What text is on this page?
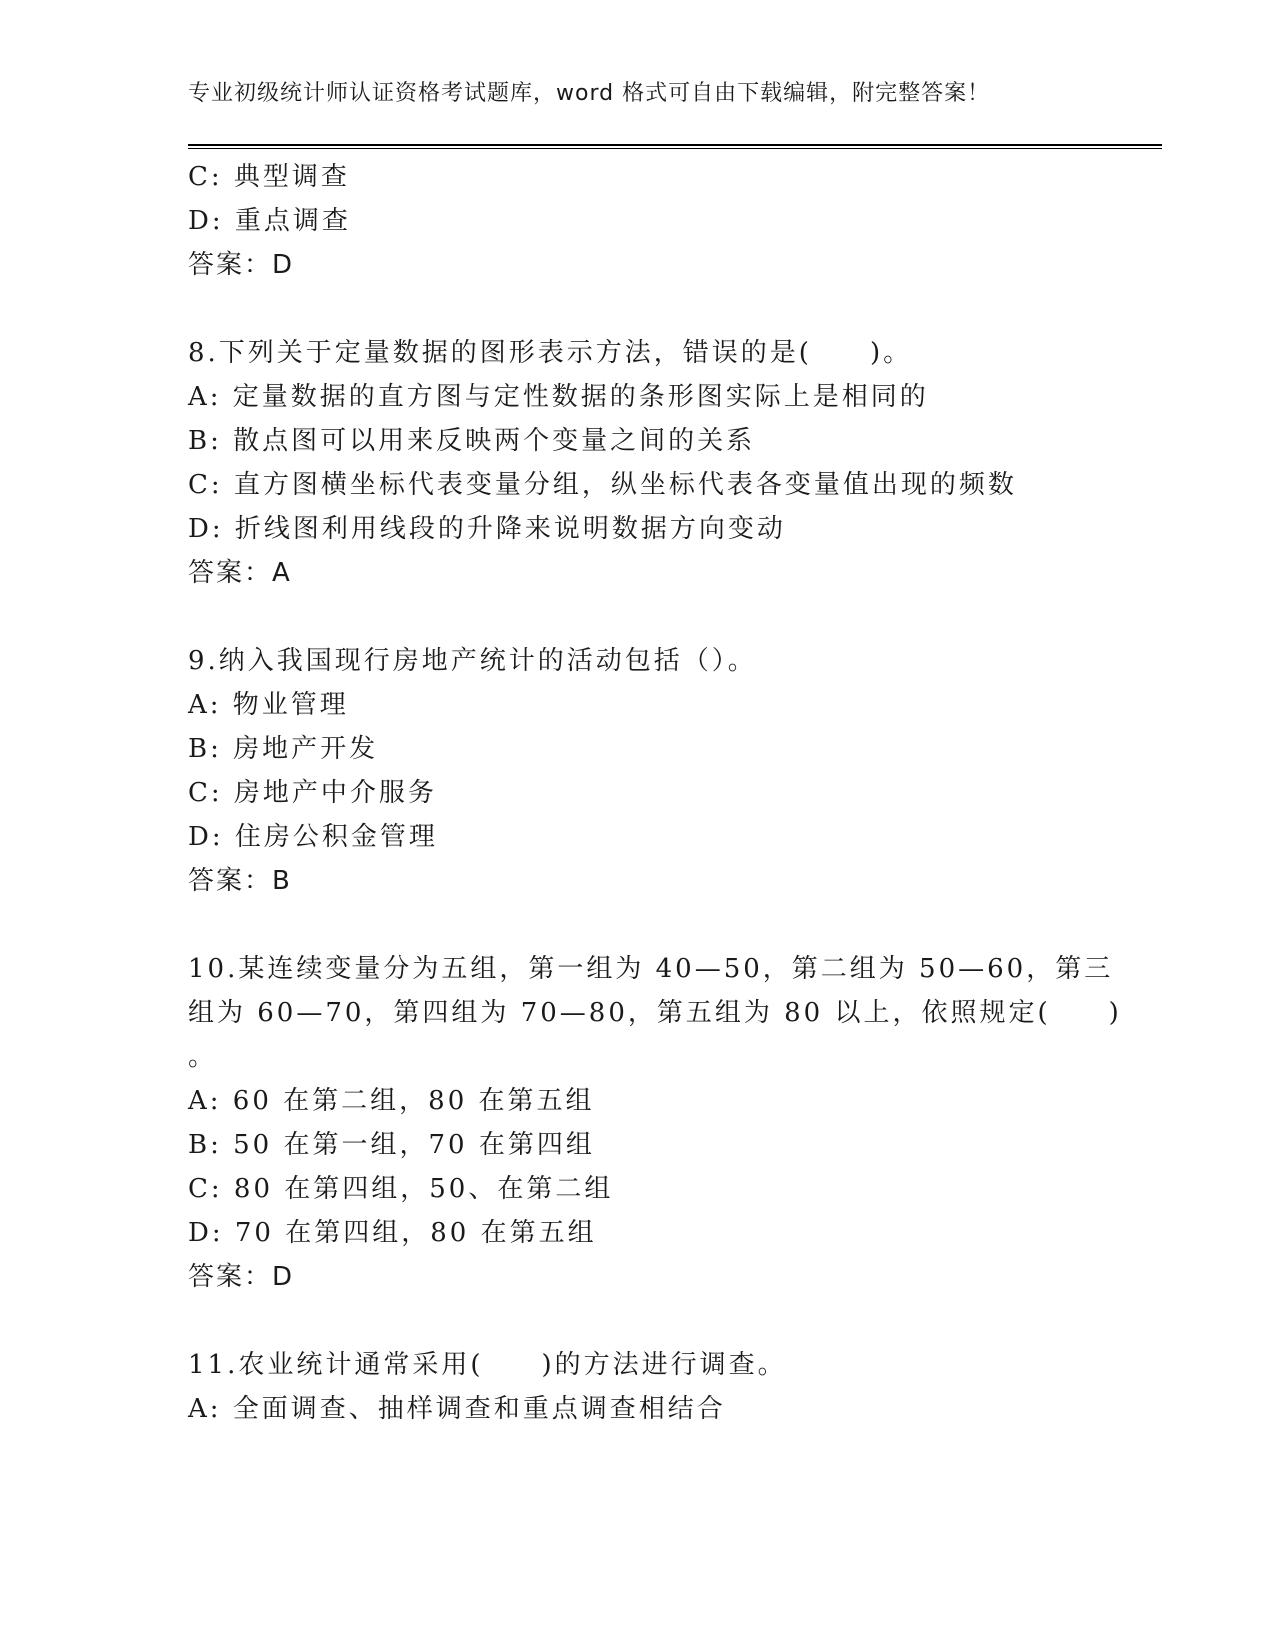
专业初级统计师认证资格考试题库，word 格式可自由下载编辑，附完整答案！
C: 典型调查
D: 重点调查
答案：D
8.下列关于定量数据的图形表示方法，错误的是(　　)。
A: 定量数据的直方图与定性数据的条形图实际上是相同的
B: 散点图可以用来反映两个变量之间的关系
C: 直方图横坐标代表变量分组，纵坐标代表各变量值出现的频数
D: 折线图利用线段的升降来说明数据方向变动
答案：A
9.纳入我国现行房地产统计的活动包括（）。
A: 物业管理
B: 房地产开发
C: 房地产中介服务
D: 住房公积金管理
答案：B
10.某连续变量分为五组，第一组为 40—50，第二组为 50—60，第三
组为 60—70，第四组为 70—80，第五组为 80 以上，依照规定(　　)
。
A: 60 在第二组，80 在第五组
B: 50 在第一组，70 在第四组
C: 80 在第四组，50、在第二组
D: 70 在第四组，80 在第五组
答案：D
11.农业统计通常采用(　　)的方法进行调查。
A: 全面调查、抽样调查和重点调查相结合
